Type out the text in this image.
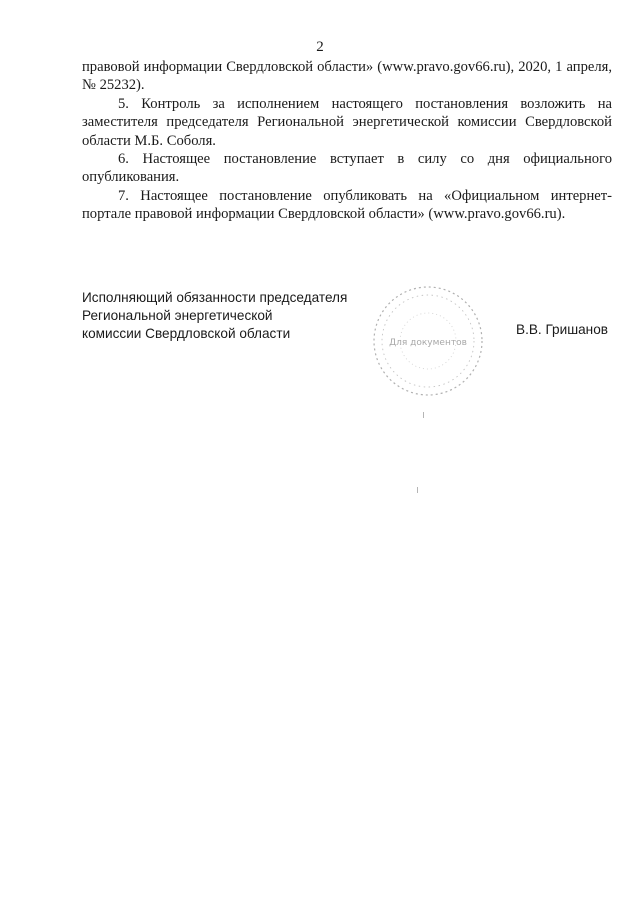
2

правовой информации Свердловской области» (www.pravo.gov66.ru), 2020, 1 апреля, № 25232).

5. Контроль за исполнением настоящего постановления возложить на заместителя председателя Региональной энергетической комиссии Свердловской области М.Б. Соболя.

6. Настоящее постановление вступает в силу со дня официального опубликования.

7. Настоящее постановление опубликовать на «Официальном интернет-портале правовой информации Свердловской области» (www.pravo.gov66.ru).

Исполняющий обязанности председателя
Региональной энергетической
комиссии Свердловской области
Для документов
В.В. Гришанов
